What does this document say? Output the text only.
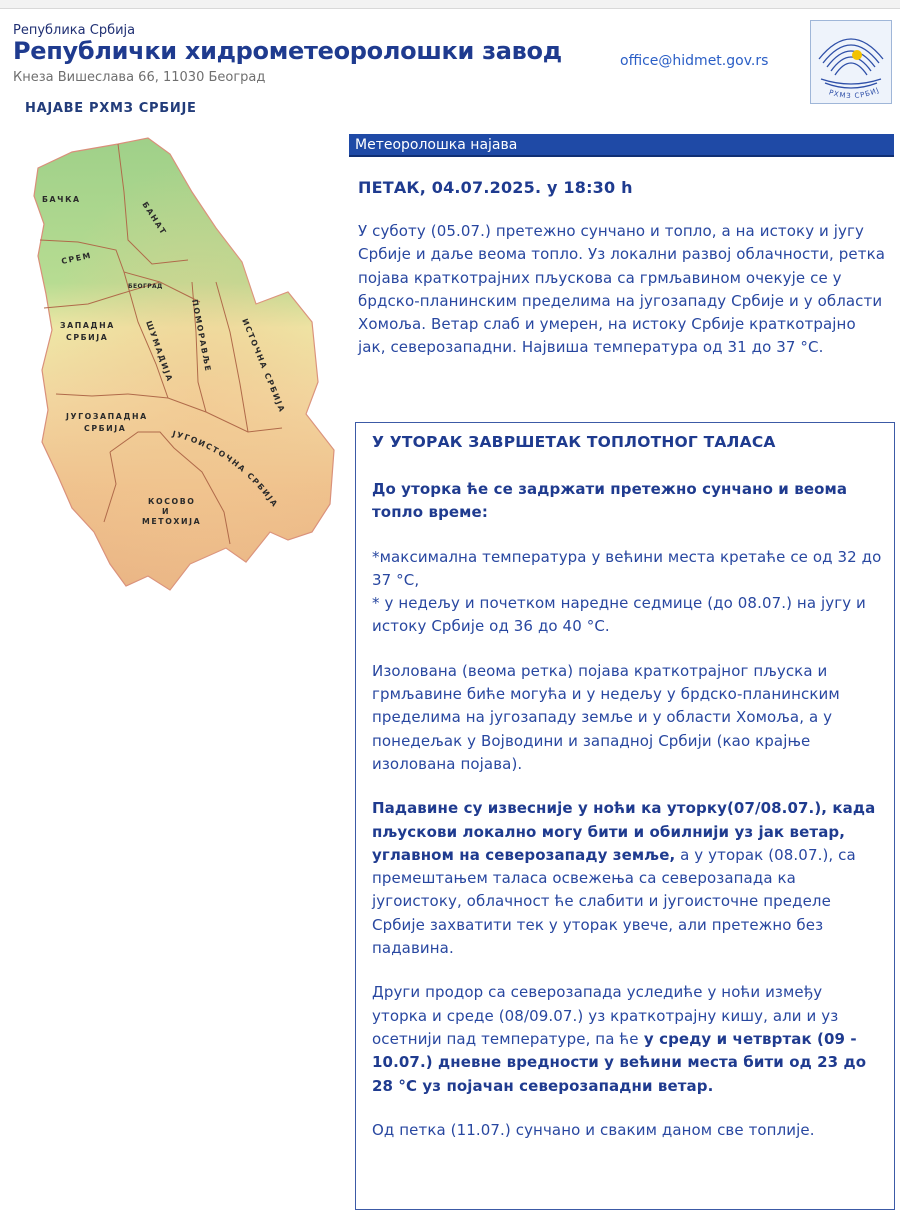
Република Србија
Републички хидрометеоролошки завод
Кнеза Вишеслава 66, 11030 Београд
office@hidmet.gov.rs
РХМЗ СРБИЈ
НАЈАВЕ РХМЗ СРБИЈЕ
БАЧКА
БАНАТ
СРЕМ
БЕОГРАД
ЗАПАДНА
СРБИЈА
ШУМАДИЈА
ПОМОРАВЉЕ
ИСТОЧНА СРБИЈА
ЈУГОЗАПАДНА
СРБИЈА
ЈУГОИСТОЧНА СРБИЈА
КОСОВО
И
МЕТОХИЈА
Метеоролошка најава
ПЕТАК, 04.07.2025. у 18:30 h
У суботу (05.07.) претежно сунчано и топло, а на истоку и југу Србије и даље веома топло. Уз локални развој облачности, ретка појава краткотрајних пљускова са грмљавином очекује се у брдско-планинским пределима на југозападу Србије и у области Хомоља. Ветар слаб и умерен, на истоку Србије краткотрајно јак, северозападни. Највиша температура од 31 до 37 °C.
У УТОРАК ЗАВРШЕТАК ТОПЛОТНОГ ТАЛАСА

До уторка ће се задржати претежно сунчано и веома топло време:

*максимална температура у већини места кретаће се од 32 до 37 °C,
* у недељу и почетком наредне седмице (до 08.07.) на југу и истоку Србије од 36 до 40 °C.

Изолована (веома ретка) појава краткотрајног пљуска и грмљавине биће могућа и у недељу у брдско-планинским пределима на југозападу земље и у области Хомоља, а у понедељак у Војводини и западној Србији (као крајње изолована појава).

Падавине су извесније у ноћи ка уторку(07/08.07.), када пљускови локално могу бити и обилнији уз јак ветар, углавном на северозападу земље, а у уторак (08.07.), са премештањем таласа освежења са северозапада ка југоистоку, облачност ће слабити и југоисточне пределе Србије захватити тек у уторак увече, али претежно без падавина.

Други продор са северозапада уследиће у ноћи између уторка и среде (08/09.07.) уз краткотрајну кишу, али и уз осетнији пад температуре, па ће у среду и четвртак (09 - 10.07.) дневне вредности у већини места бити од 23 до 28 °C уз појачан северозападни ветар.

Од петка (11.07.) сунчано и сваким даном све топлије.
